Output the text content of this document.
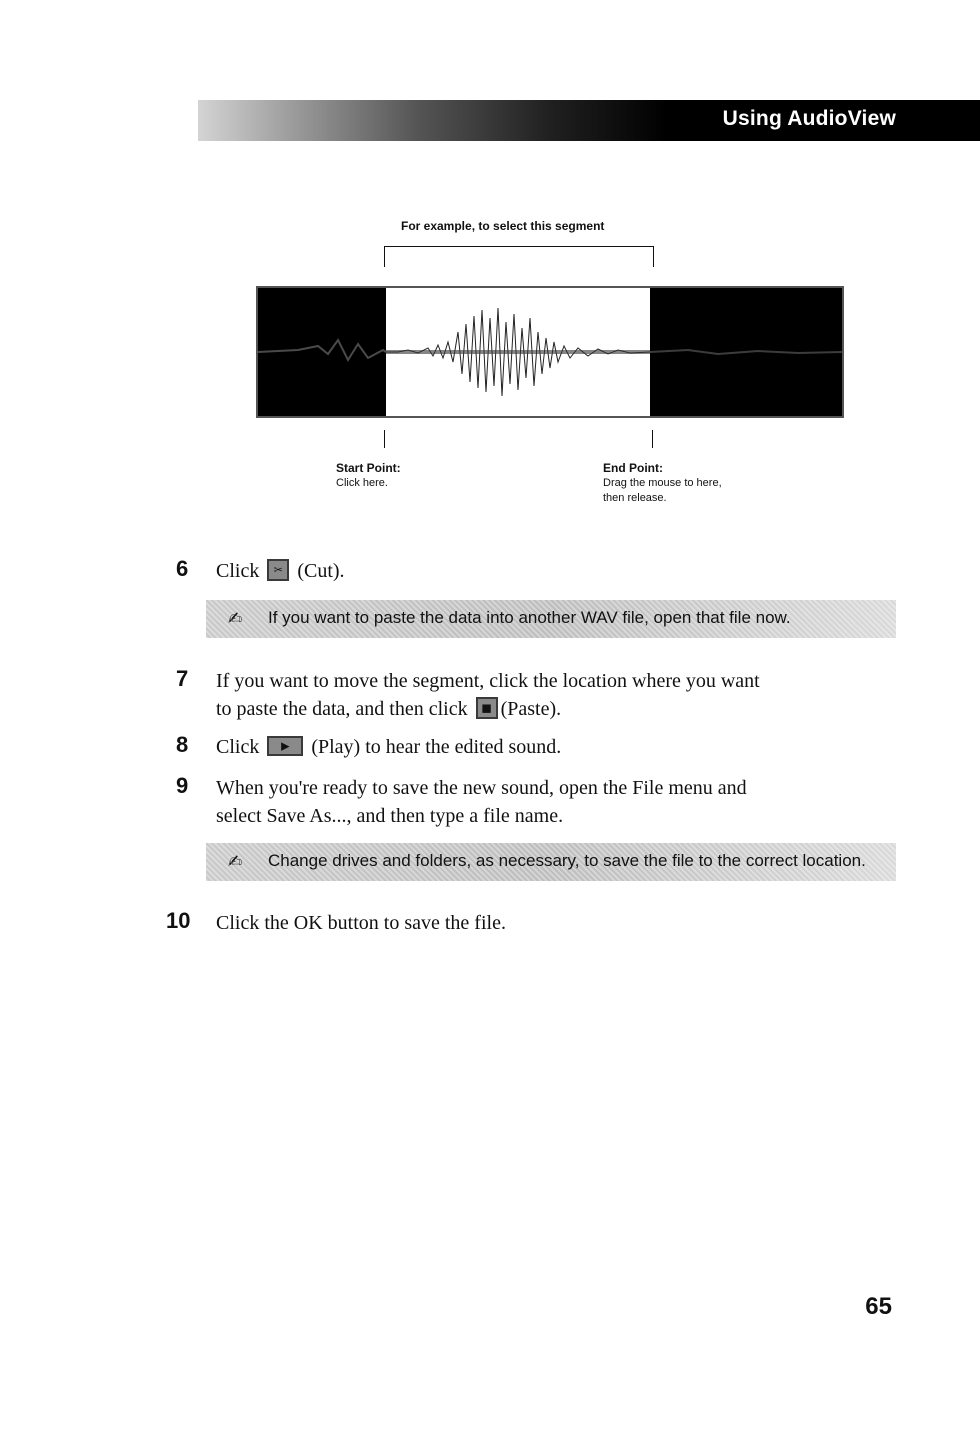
Using AudioView
For example, to select this segment
Start Point:
Click here.
End Point:
Drag the mouse to here,
then release.
6 Click ✂ (Cut).
✍ If you want to paste the data into another WAV file, open that file now.
7 If you want to move the segment, click the location where you want
to paste the data, and then click ■ (Paste).
8 Click ▶ (Play) to hear the edited sound.
9 When you're ready to save the new sound, open the File menu and
select Save As..., and then type a file name.
✍ Change drives and folders, as necessary, to save the file to the correct location.
10 Click the OK button to save the file.
65
